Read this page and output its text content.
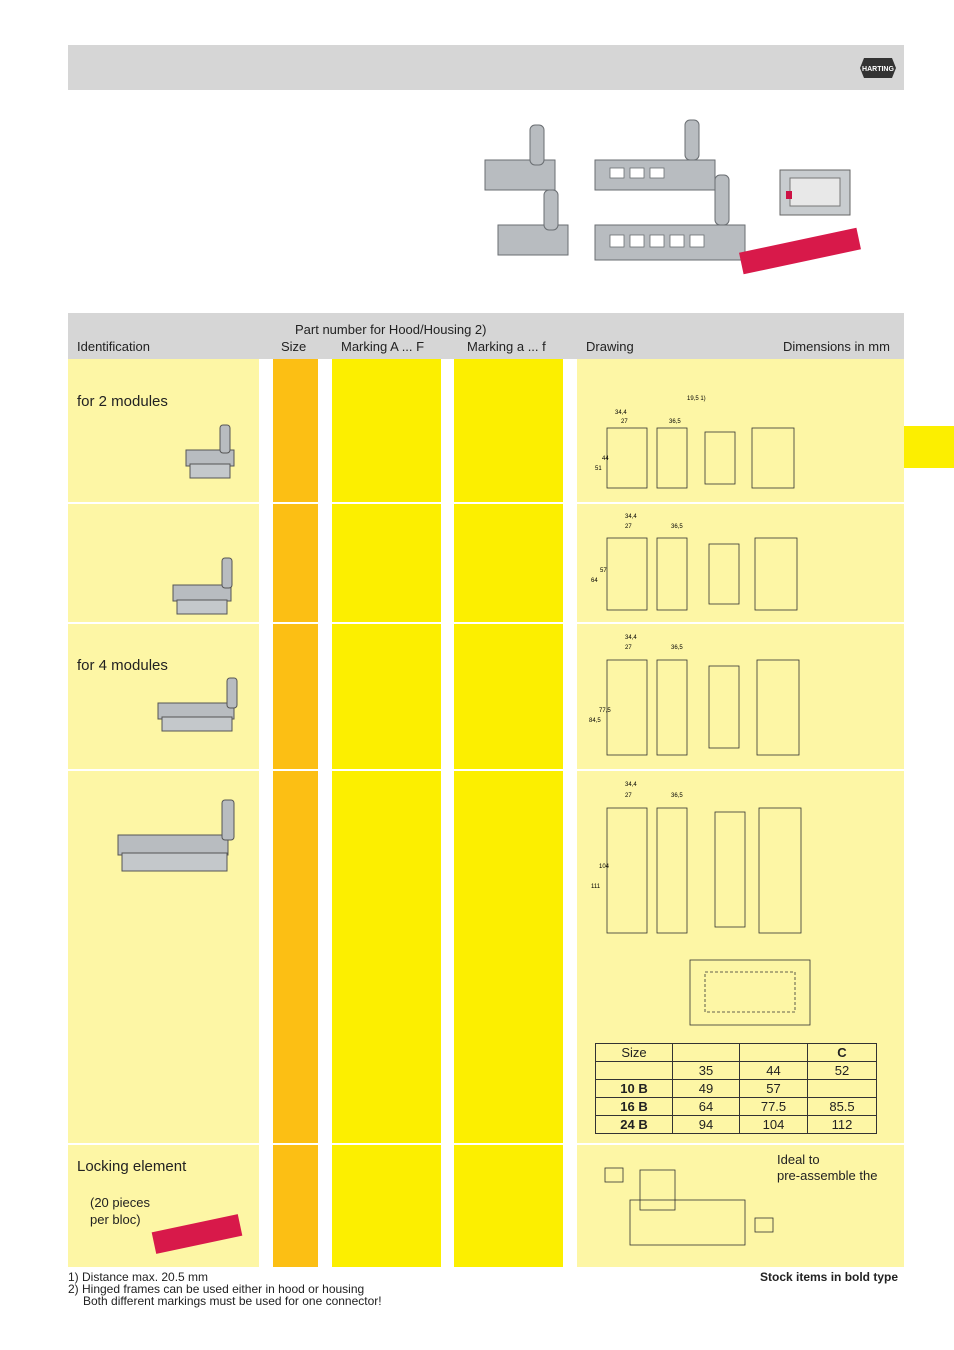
HARTING
Part number for Hood/Housing 2)
Identification	Size	Marking A ... F	Marking a ... f	Drawing	Dimensions in mm
for 2 modules
for 4 modules
Locking element
(20 pieces
per bloc)
Ideal to
pre-assemble the
34,4
27	36,5
51
44
19,5 1)
34,4
27	36,5
64
57
34,4
27	36,5
84,5
77,5
34,4
27	36,5
111
104
Size			C
	35	44	52
10 B	49	57	
16 B	64	77.5	85.5
24 B	94	104	112
1) Distance max. 20.5 mm
2) Hinged frames can be used either in hood or housing
Both different markings must be used for one connector!
Stock items in bold type
